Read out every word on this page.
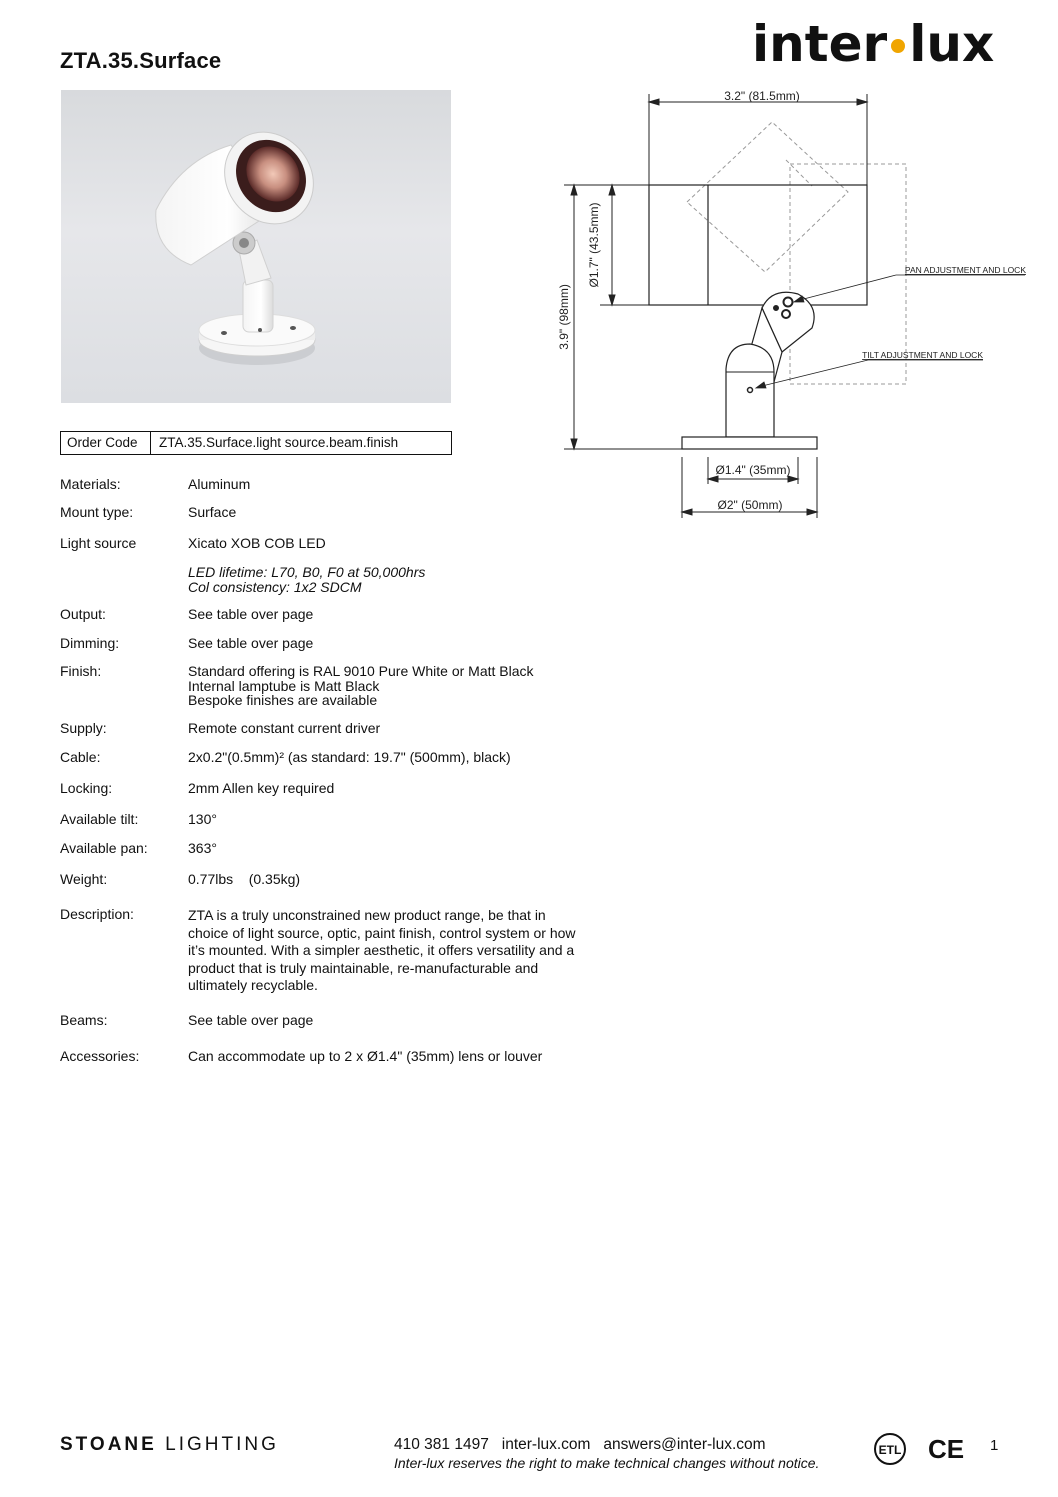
ZTA.35.Surface	inter lux
Order Code	ZTA.35.Surface.light source.beam.finish
Materials:	Aluminum
Mount type:	Surface
Light source	Xicato XOB COB LED
LED lifetime: L70, B0, F0 at 50,000hrs
Col consistency: 1x2 SDCM
Output:	See table over page
Dimming:	See table over page
Finish:	Standard offering is RAL 9010 Pure White or Matt Black
Internal lamptube is Matt Black
Bespoke finishes are available
Supply:	Remote constant current driver
Cable:	2x0.2"(0.5mm)² (as standard: 19.7" (500mm), black)
Locking:	2mm Allen key required
Available tilt:	130°
Available pan:	363°
Weight:	0.77lbs    (0.35kg)
Description:	ZTA is a truly unconstrained new product range, be that in choice of light source, optic, paint finish, control system or how it’s mounted. With a simpler aesthetic, it offers versatility and a product that is truly maintainable, re-manufacturable and ultimately recyclable.
Beams:	See table over page
Accessories:	Can accommodate up to 2 x Ø1.4" (35mm) lens or louver
3.2" (81.5mm)
Ø1.7" (43.5mm)
3.9" (98mm)
PAN ADJUSTMENT AND LOCK
TILT ADJUSTMENT AND LOCK
Ø1.4" (35mm)
Ø2" (50mm)
STOANE LIGHTING	410 381 1497 inter-lux.com answers@inter-lux.com
Inter-lux reserves the right to make technical changes without notice.
ETL CE 1
